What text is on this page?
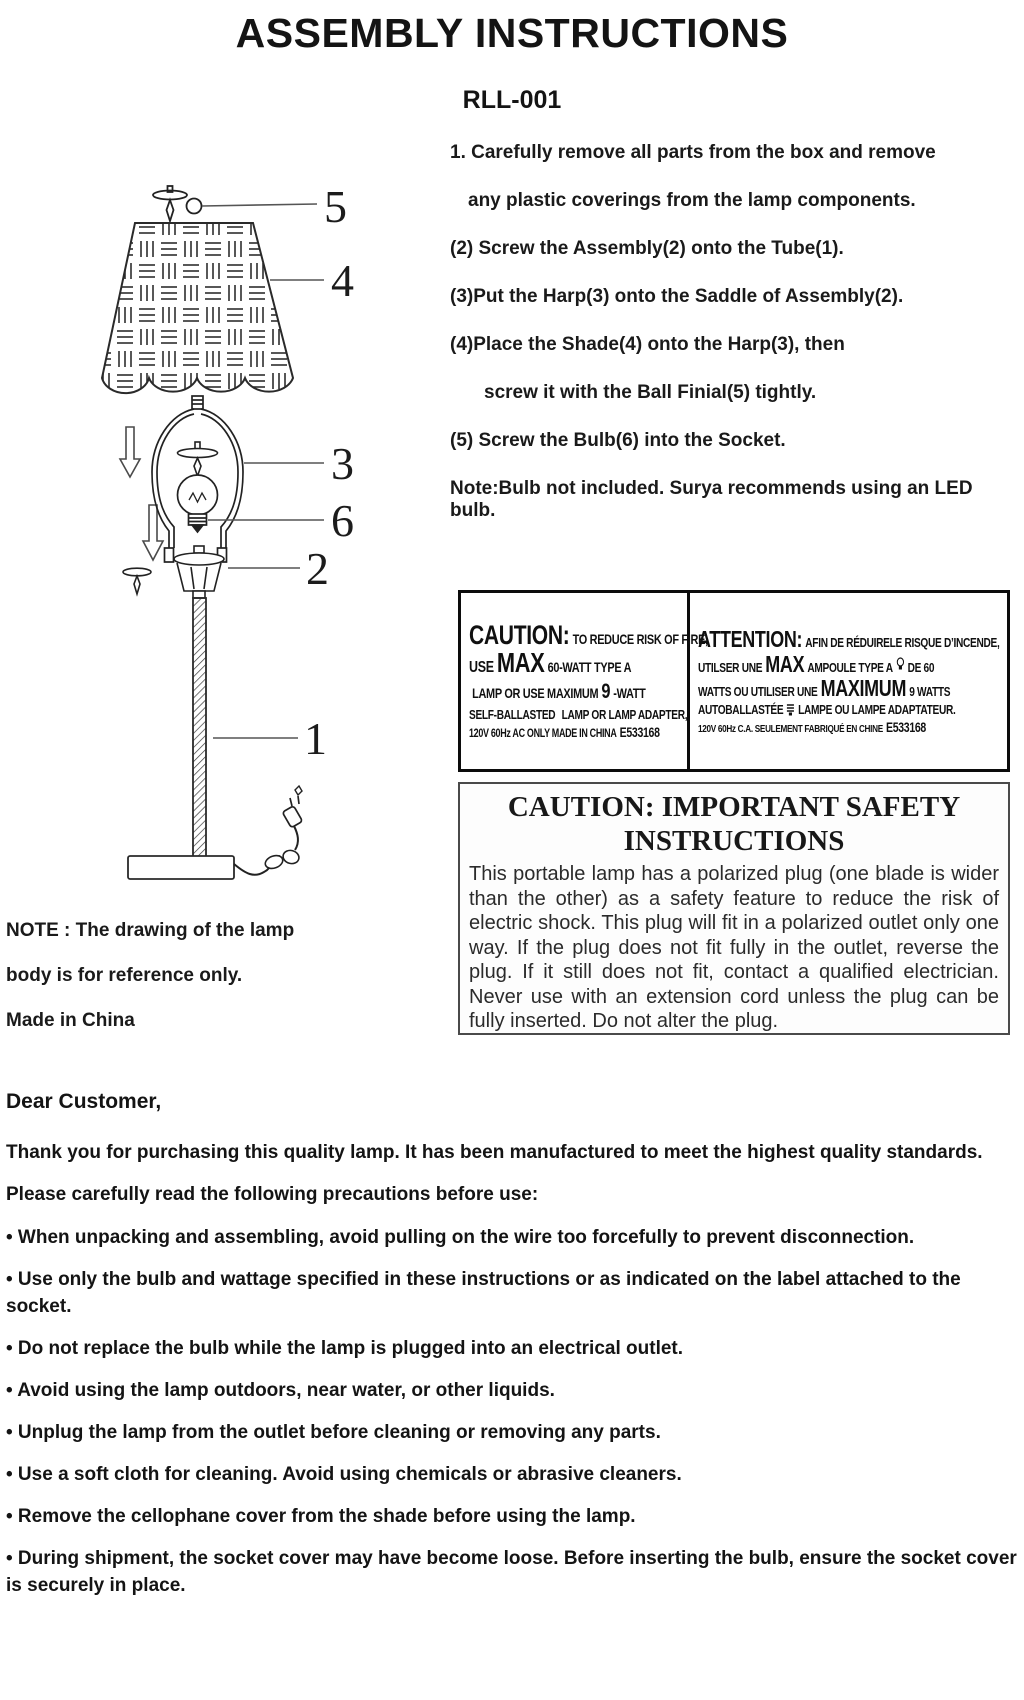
ASSEMBLY INSTRUCTIONS
RLL-001
5
4
3
6
2
1
1. Carefully remove all parts from the box and remove
any plastic coverings from the lamp components.
(2) Screw the Assembly(2) onto the Tube(1).
(3)Put the Harp(3) onto the Saddle of Assembly(2).
(4)Place the Shade(4) onto the Harp(3), then
screw it with the Ball Finial(5) tightly.
(5) Screw the Bulb(6) into the Socket.
Note:Bulb not included. Surya recommends using an LED bulb.
CAUTION: TO REDUCE RISK OF FIRE,
USE MAX 60-WATT TYPE A
LAMP OR USE MAXIMUM 9 -WATT
SELF-BALLASTED LAMP OR LAMP ADAPTER,
120V 60Hz AC ONLY MADE IN CHINA E533168
ATTENTION: AFIN DE RÉDUIRELE RISQUE D’INCENDE,
UTILSER UNE MAX AMPOULE TYPE A DE 60
WATTS OU UTILISER UNE MAXIMUM 9 WATTS
AUTOBALLASTÉE LAMPE OU LAMPE ADAPTATEUR.
120V 60Hz C.A. SEULEMENT FABRIQUÉ EN CHINE E533168
CAUTION: IMPORTANT SAFETY
INSTRUCTIONS
This portable lamp has a polarized plug (one blade is wider than the other) as a safety feature to reduce the risk of electric shock. This plug will fit in a polarized outlet only one way. If the plug does not fit fully in the outlet, reverse the plug. If it still does not fit, contact a qualified electrician. Never use with an extension cord unless the plug can be fully inserted. Do not alter the plug.
NOTE : The drawing of the lamp
body is for reference only.
Made in China
Dear Customer,
Thank you for purchasing this quality lamp. It has been manufactured to meet the highest quality standards. Please carefully read the following precautions before use:
• When unpacking and assembling, avoid pulling on the wire too forcefully to prevent disconnection.
• Use only the bulb and wattage specified in these instructions or as indicated on the label attached to the socket.
• Do not replace the bulb while the lamp is plugged into an electrical outlet.
• Avoid using the lamp outdoors, near water, or other liquids.
• Unplug the lamp from the outlet before cleaning or removing any parts.
• Use a soft cloth for cleaning. Avoid using chemicals or abrasive cleaners.
• Remove the cellophane cover from the shade before using the lamp.
• During shipment, the socket cover may have become loose. Before inserting the bulb, ensure the socket cover is securely in place.
